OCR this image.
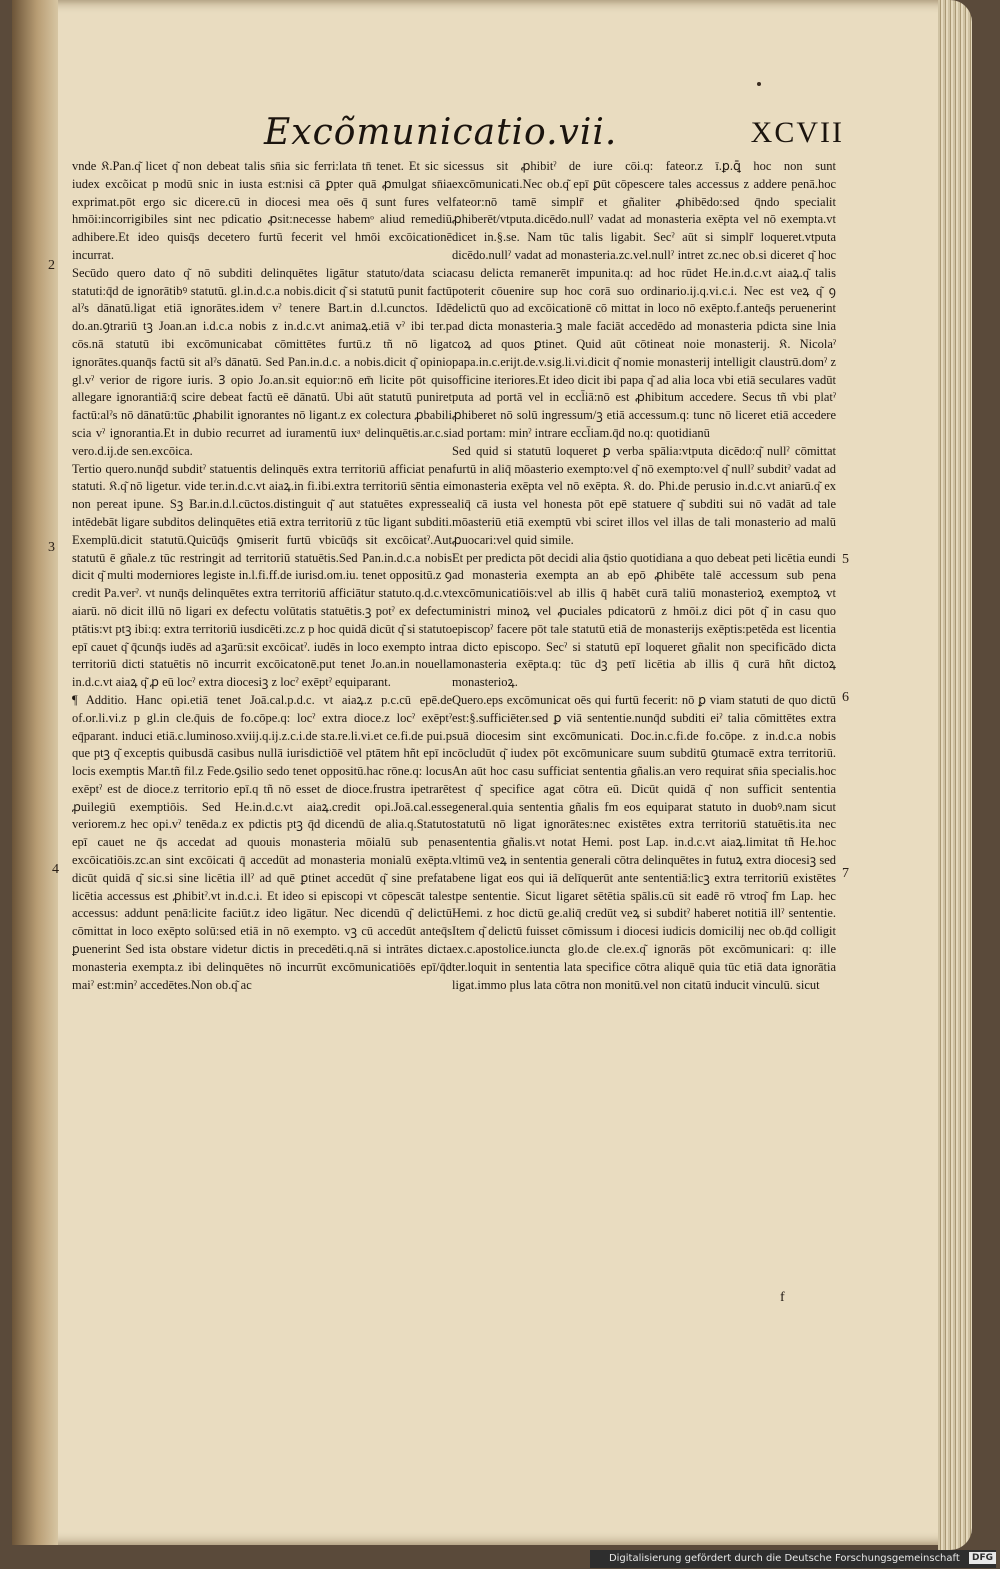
Excõmunicatio.vii.	XCVII

vnde 𝔎.Pan.q͂ licet q͂ non debeat talis sn̄ia sic ferri:lata tn̄ tenet. Et sic si iudex excõicat p modū snic in iusta est:nisi cā ꝑpter quā ꝓmulgat sn̄ia exprimat.pōt ergo sic dicere.cū in diocesi mea oēs q̄ sunt fures vel hmōi:incorrigibiles sint nec pdicatio ꝓsit:necesse habemᵒ aliud remediū adhibere.Et ideo quisq̄s decetero furtū fecerit vel hmōi excōicationē incurrat.

Secūdo quero dato q͂ nō subditi delinquētes ligātur statuto/data scia statuti:q̄d de ignorātibꝰ statutū. gl.in.d.c.a nobis.dicit q͂ si statutū punit factū alˀs dānatū.ligat etiā ignorātes.idem vˀ tenere Bart.in d.l.cunctos. Idē do.an.ꝯtrariū tꝫ Joan.an i.d.c.a nobis z in.d.c.vt animaꝝ.etiā vˀ ibi ter.p cōs.nā statutū ibi excōmunicabat cōmittētes furtū.z tñ nō ligat ignorātes.quanq̄s factū sit alˀs dānatū. Sed Pan.in.d.c. a nobis.dicit q͂ opinio gl.vˀ verior de rigore iuris. Ꝫ opio Jo.an.sit equior:nō em̄ licite pōt quis allegare ignorantiā:q̄ scire debeat factū eē dānatū. Ubi aūt statutū puniret factū:alˀs nō dānatū:tūc ꝓhabilit ignorantes nō ligant.z ex colectura ꝓbabili scia vˀ ignorantia.Et in dubio recurret ad iuramentū iuxᵃ delinquētis.ar.c.si vero.d.ij.de sen.excōica.

Tertio quero.nunq̄d subditˀ statuentis delinquēs extra territoriū afficiat pena statuti. 𝔎.q͂ nō ligetur. vide ter.in.d.c.vt aiaꝝ.in fi.ibi.extra territoriū sēntia ei non pereat ipune. Sꝫ Bar.in.d.l.cūctos.distinguit q͂ aut statuētes expresse intēdebāt ligare subditos delinquētes etiā extra territoriū z tūc ligant subditi. Exemplū.dicit statutū.Quicūq̄s ꝯmiserit furtū vbicūq̄s sit excōicatˀ.Aut statutū ē gñale.z tūc restringit ad territoriū statuētis.Sed Pan.in.d.c.a nobis dicit q͂ multi moderniores legiste in.l.fi.ff.de iurisd.om.iu. tenet oppositū.z ꝯ credit Pa.verˀ. vt nunq̄s delinquētes extra territoriū afficiātur statuto.q.d.c.vt aiarū. nō dicit illū nō ligari ex defectu volūtatis statuētis.ꝫ potˀ ex defectu ptātis:vt ptꝫ ibi:q: extra territoriū iusdicēti.zc.z p hoc quidā dicūt q͂ si statuto epī cauet q͂ q̄cunq̄s iudēs ad aꝫarū:sit excōicatˀ. iudēs in loco exempto intra territoriū dicti statuētis nō incurrit excōicatonē.put tenet Jo.an.in nouella in.d.c.vt aiaꝝ q͂ ꝓ eū locˀ extra diocesiꝫ z locˀ exēptˀ equiparant.

¶ Additio. Hanc opi.etiā tenet Joā.cal.p.d.c. vt aiaꝝ.z p.c.cū epē.de of.or.li.vi.z p gl.in cle.q̄uis de fo.cōpe.q: locˀ extra dioce.z locˀ exēptˀ eq̄parant. induci etiā.c.luminoso.xviij.q.ij.z.c.i.de sta.re.li.vi.et ce.fi.de pui.p que ptꝫ q͂ exceptis quibusdā casibus nullā iurisdictiōē vel ptātem hñt epī in locis exemptis Mar.tñ fil.z Fede.ꝯsilio sedo tenet oppositū.hac rōne.q: locus exēptˀ est de dioce.z territorio epī.q tñ nō esset de dioce.frustra ipetrarēt ꝓuilegiū exemptiōis. Sed He.in.d.c.vt aiaꝝ.credit opi.Joā.cal.esse veriorem.z hec opi.vˀ tenēda.z ex pdictis ptꝫ q̄d dicendū de alia.q.Statuto epī cauet ne q̄s accedat ad quouis monasteria mōialū sub pena excōicatiōis.zc.an sint excōicati q̄ accedūt ad monasteria monialū exēpta. dicūt quidā q͂ sic.si sine licētia illˀ ad quē ꝑtinet accedūt q͂ sine prefata licētia accessus est ꝓhibitˀ.vt in.d.c.i. Et ideo si episcopi vt cōpescāt tales accessus: addunt penā:licite faciūt.z ideo ligātur. Nec dicendū q͂ delictū cōmittat in loco exēpto solū:sed etiā in nō exempto. vꝫ cū accedūt anteq̄s ꝑuenerint Sed ista obstare videtur dictis in precedēti.q.nā si intrātes dicta monasteria exempta.z ibi delinquētes nō incurrūt excōmunicatiōēs epī/q̄d maiˀ est:minˀ accedētes.Non ob.q͂ ac

cessus sit ꝓhibitˀ de iure cōi.q: fateor.z ī.ꝑ.ꝗ̄ hoc non sunt excōmunicati.Nec ob.q͂ epī ꝑūt cōpescere tales accessus z addere penā.hoc fateor:nō tamē simplr̄ et gñaliter ꝓhibēdo:sed q̄ndo specialit ꝓhiberēt/vtputa.dicēdo.nullˀ vadat ad monasteria exēpta vel nō exempta.vt dicet in.§.se. Nam tūc talis ligabit. Secˀ aūt si simplr̄ loqueret.vtputa dicēdo.nullˀ vadat ad monasteria.zc.vel.nullˀ intret zc.nec ob.si diceret q͂ hoc casu delicta remanerēt impunita.q: ad hoc rūdet He.in.d.c.vt aiaꝝ.q͂ talis poterit cōuenire sup hoc corā suo ordinario.ij.q.vi.c.i. Nec est veꝝ q͂ ꝯ delictū quo ad excōicationē cō mittat in loco nō exēpto.f.anteq̄s peruenerint ad dicta monasteria.ꝫ male faciāt accedēdo ad monasteria pdicta sine lnia coꝝ ad quos ꝑtinet. Quid aūt cōtineat noie monasterij. 𝔎. Nicolaˀ papa.in.c.erijt.de.v.sig.li.vi.dicit q͂ nomie monasterij intelligit claustrū.domˀ z officine iteriores.Et ideo dicit ibi papa q͂ ad alia loca vbi etiā seculares vadūt puta ad portā vel in eccl̄iā:nō est ꝓhibitum accedere. Secus tñ vbi platˀ ꝓhiberet nō solū ingressum/ꝫ etiā accessum.q: tunc nō liceret etiā accedere ad portam: minˀ intrare eccl̄iam.q̄d no.q: quotidianū

Sed quid si statutū loqueret ꝑ verba spālia:vtputa dicēdo:q͂ nullˀ cōmittat furtū in aliq̄ mōasterio exempto:vel q͂ nō exempto:vel q͂ nullˀ subditˀ vadat ad monasteria exēpta vel nō exēpta. 𝔎. do. Phi.de perusio in.d.c.vt aniarū.q͂ ex aliq̄ cā iusta vel honesta pōt epē statuere q͂ subditi sui nō vadāt ad tale mōasteriū etiā exemptū vbi sciret illos vel illas de tali monasterio ad malū ꝓuocari:vel quid simile.

Et per predicta pōt decidi alia q̄stio quotidiana a quo debeat peti licētia eundi ad monasteria exempta an ab epō ꝓhibēte talē accessum sub pena excōmunicatiōis:vel ab illis q̄ habēt curā taliū monasterioꝝ exemptoꝝ vt ministri minoꝝ vel ꝓuciales pdicatorū z hmōi.z dici pōt q͂ in casu quo episcopˀ facere pōt tale statutū etiā de monasterijs exēptis:petēda est licentia a dicto episcopo. Secˀ si statutū epī loqueret gñalit non specificādo dicta monasteria exēpta.q: tūc dꝫ petī licētia ab illis q̄ curā hñt dictoꝝ monasterioꝝ.

Quero.eps excōmunicat oēs qui furtū fecerit: nō ꝑ viam statuti de quo dictū est:§.sufficiēter.sed ꝑ viā sententie.nunq̄d subditi eiˀ talia cōmittētes extra suā diocesim sint excōmunicati. Doc.in.c.fi.de fo.cōpe. z in.d.c.a nobis cōcludūt q͂ iudex pōt excōmunicare suum subditū ꝯtumacē extra territoriū. An aūt hoc casu sufficiat sententia gñalis.an vero requirat sn̄ia specialis.hoc est q͂ specifice agat cōtra eū. Dicūt quidā q͂ non sufficit sententia general.quia sententia gñalis fm eos equiparat statuto in duobꝰ.nam sicut statutū nō ligat ignorātes:nec existētes extra territoriū statuētis.ita nec sententia gñalis.vt notat Hemi. post Lap. in.d.c.vt aiaꝝ.limitat tñ He.hoc vltimū veꝝ in sententia generali cōtra delinquētes in futuꝝ extra diocesiꝫ sed bene ligat eos qui iā delīquerūt ante sententiā:licꝫ extra territoriū existētes tpe sententie. Sicut ligaret sētētia spālis.cū sit eadē rō vtroq͂ fm Lap. hec Hemi. z hoc dictū ge.aliq̄ credūt veꝝ si subditˀ haberet notitiā illˀ sententie. Item q͂ delictū fuisset cōmissum i diocesi iudicis domicilij nec ob.q̄d colligit ex.c.apostolice.iuncta glo.de cle.ex.q͂ ignorās pōt excōmunicari: q: ille ter.loquit in sententia lata specifice cōtra aliquē quia tūc etiā data ignorātia ligat.immo plus lata cōtra non monitū.vel non citatū inducit vinculū. sicut

2
3
4
5
6
7
f
Digitalisierung gefördert durch die Deutsche Forschungsgemeinschaft DFG
